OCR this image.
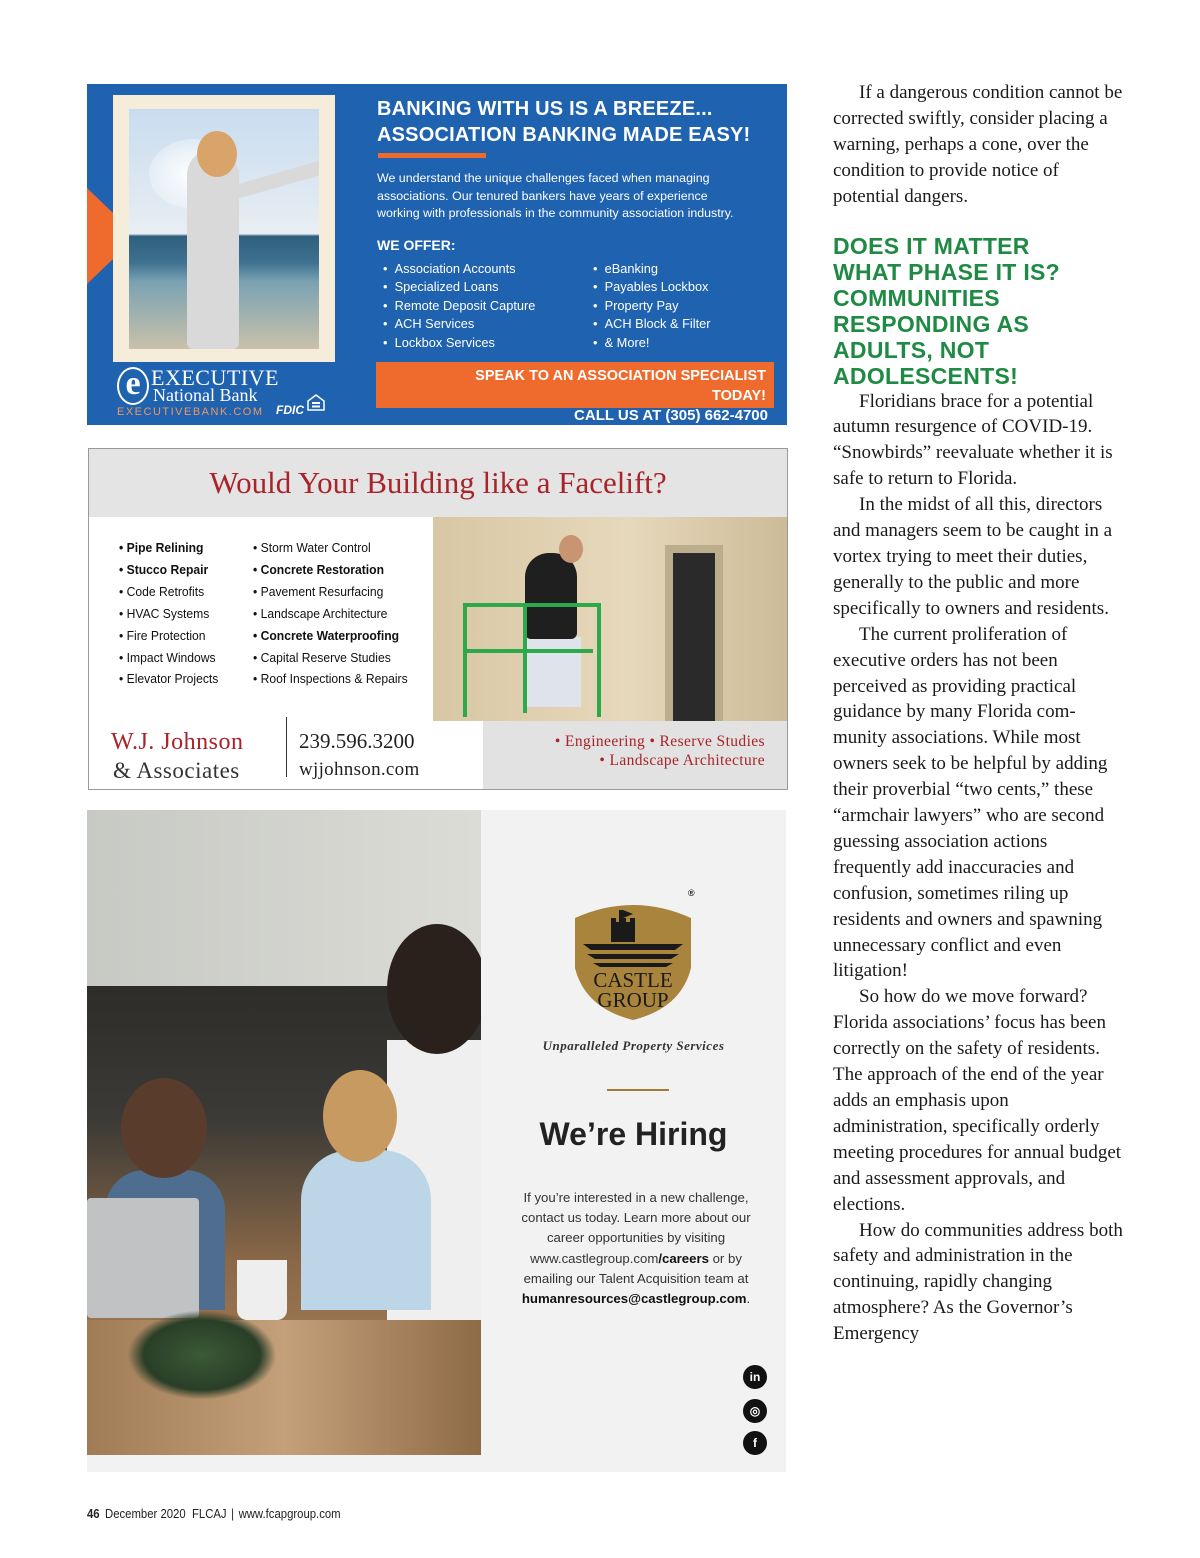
BANKING WITH US IS A BREEZE...
ASSOCIATION BANKING MADE EASY!

We understand the unique challenges faced when managing
associations. Our tenured bankers have years of experience
working with professionals in the community association industry.

WE OFFER:
•  Association Accounts
•  Specialized Loans
•  Remote Deposit Capture
•  ACH Services
•  Lockbox Services
•  eBanking
•  Payables Lockbox
•  Property Pay
•  ACH Block & Filter
•  & More!
e EXECUTIVE
National Bank
EXECUTIVEBANK.COM FDIC
SPEAK TO AN ASSOCIATION SPECIALIST
TODAY!
CALL US AT (305) 662-4700
Would Your Building like a Facelift?
• Pipe Relining
• Stucco Repair
• Code Retrofits
• HVAC Systems
• Fire Protection
• Impact Windows
• Elevator Projects
• Storm Water Control
• Concrete Restoration
• Pavement Resurfacing
• Landscape Architecture
• Concrete Waterproofing
• Capital Reserve Studies
• Roof Inspections & Repairs
W.J. Johnson
& Associates
239.596.3200
wjjohnson.com
• Engineering • Reserve Studies
• Landscape Architecture
CASTLE
GROUP
®
Unparalleled Property Services
We’re Hiring

If you’re interested in a new challenge,
contact us today. Learn more about our
career opportunities by visiting
www.castlegroup.com/careers or by
emailing our Talent Acquisition team at
humanresources@castlegroup.com.

in
◎
f

If a dangerous condition cannot be corrected swiftly, consider placing a warning, perhaps a cone, over the condition to provide notice of potential dangers.

DOES IT MATTER
WHAT PHASE IT IS?
COMMUNITIES
RESPONDING AS
ADULTS, NOT
ADOLESCENTS!

Floridians brace for a potential autumn resurgence of COVID-19. “Snowbirds” reevaluate whether it is safe to return to Florida.

In the midst of all this, directors and managers seem to be caught in a vortex trying to meet their duties, generally to the public and more specifically to owners and residents.

The current proliferation of executive orders has not been perceived as providing practical guidance by many Florida community associations. While most owners seek to be helpful by adding their proverbial “two cents,” these “armchair lawyers” who are second guessing association actions frequently add inaccuracies and confusion, sometimes riling up residents and owners and spawning unnecessary conflict and even litigation!

So how do we move forward? Florida associations’ focus has been correctly on the safety of residents. The approach of the end of the year adds an emphasis upon administration, specifically orderly meeting procedures for annual budget and assessment approvals, and elections.

How do communities address both safety and administration in the continuing, rapidly changing atmosphere? As the Governor’s Emergency

46 December 2020 FLCAJ | www.fcapgroup.com
